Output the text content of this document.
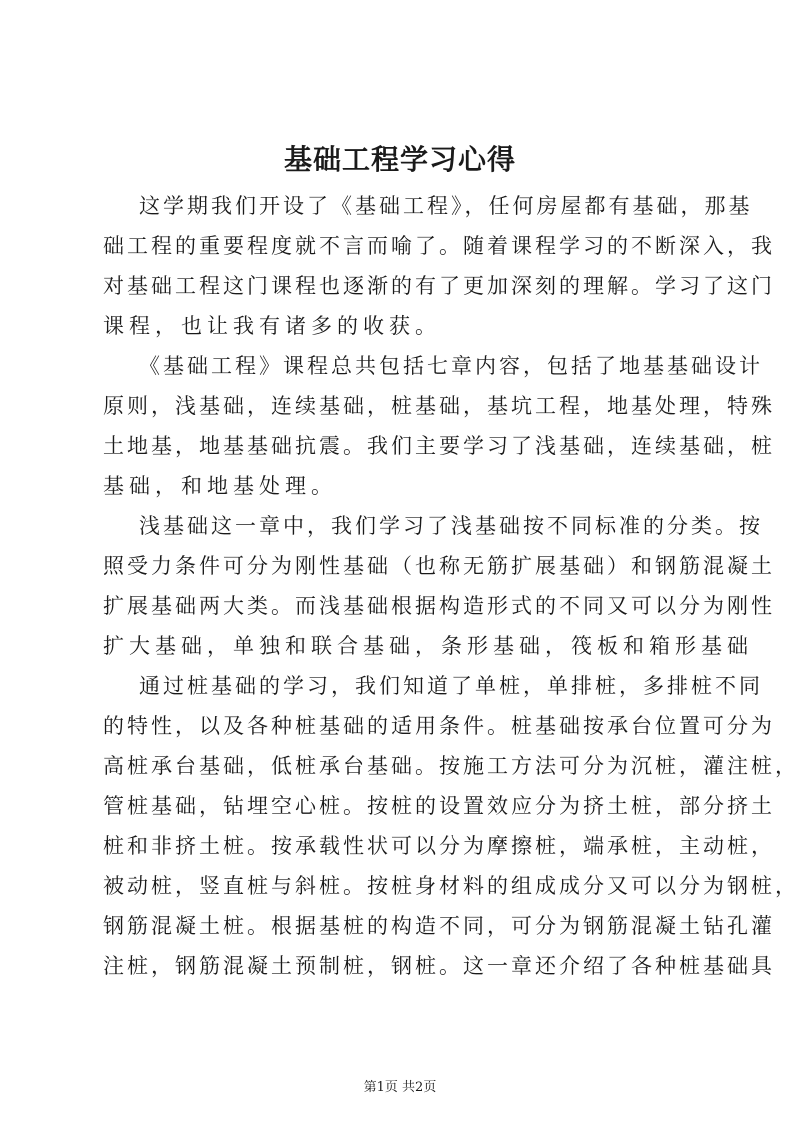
基础工程学习心得
这学期我们开设了《基础工程》，任何房屋都有基础，那基
础工程的重要程度就不言而喻了。随着课程学习的不断深入，我
对基础工程这门课程也逐渐的有了更加深刻的理解。学习了这门
课程，也让我有诸多的收获。
《基础工程》课程总共包括七章内容，包括了地基基础设计
原则，浅基础，连续基础，桩基础，基坑工程，地基处理，特殊
土地基，地基基础抗震。我们主要学习了浅基础，连续基础，桩
基础，和地基处理。
浅基础这一章中，我们学习了浅基础按不同标准的分类。按
照受力条件可分为刚性基础（也称无筋扩展基础）和钢筋混凝土
扩展基础两大类。而浅基础根据构造形式的不同又可以分为刚性
扩大基础，单独和联合基础，条形基础，筏板和箱形基础
通过桩基础的学习，我们知道了单桩，单排桩，多排桩不同
的特性，以及各种桩基础的适用条件。桩基础按承台位置可分为
高桩承台基础，低桩承台基础。按施工方法可分为沉桩，灌注桩，
管桩基础，钻埋空心桩。按桩的设置效应分为挤土桩，部分挤土
桩和非挤土桩。按承载性状可以分为摩擦桩，端承桩，主动桩，
被动桩，竖直桩与斜桩。按桩身材料的组成成分又可以分为钢桩，
钢筋混凝土桩。根据基桩的构造不同，可分为钢筋混凝土钻孔灌
注桩，钢筋混凝土预制桩，钢桩。这一章还介绍了各种桩基础具
第1页 共2页
